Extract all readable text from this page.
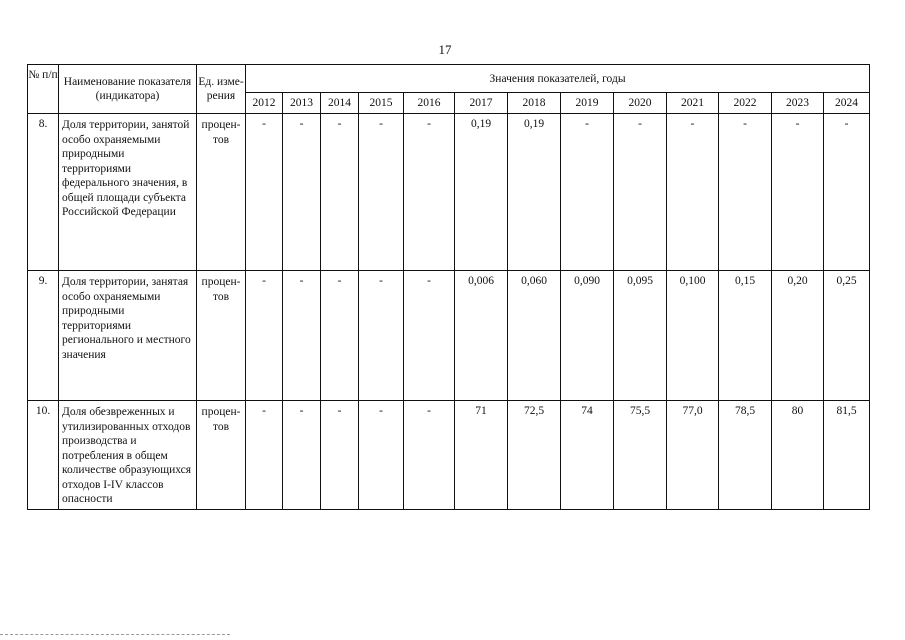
17
№ п/п	Наименование показателя (индикатора)	Ед. изме- рения	Значения показателей, годы												
			2012	2013	2014	2015	2016	2017	2018	2019	2020	2021	2022	2023	2024
8.	Доля территории, занятой особо охраняемыми природными территориями федерального значения, в общей площади субъекта Российской Федерации	процен- тов	-	-	-	-	-	0,19	0,19	-	-	-	-	-	-
9.	Доля территории, занятая особо охраняемыми природными территориями регионального и местного значения	процен- тов	-	-	-	-	-	0,006	0,060	0,090	0,095	0,100	0,15	0,20	0,25
10.	Доля обезвреженных и утилизированных отходов производства и потребления в общем количестве образующихся отходов I-IV классов опасности	процен- тов	-	-	-	-	-	71	72,5	74	75,5	77,0	78,5	80	81,5
